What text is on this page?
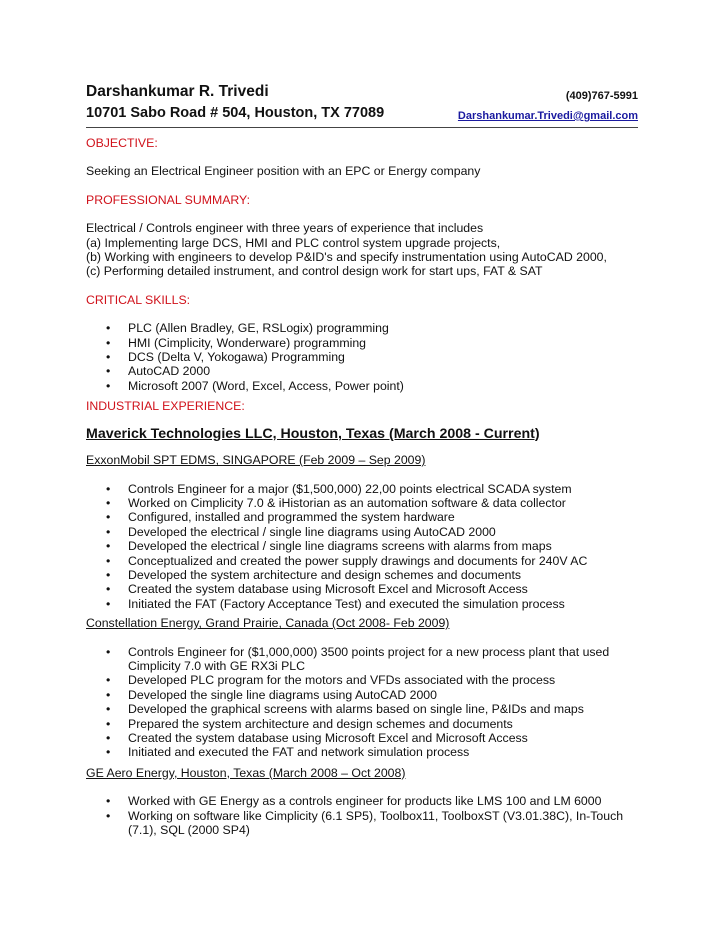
Darshankumar R. Trivedi	(409)767-5991
10701 Sabo Road # 504, Houston, TX 77089	Darshankumar.Trivedi@gmail.com

OBJECTIVE:

Seeking an Electrical Engineer position with an EPC or Energy company

PROFESSIONAL SUMMARY:

Electrical / Controls engineer with three years of experience that includes

(a) Implementing large DCS, HMI and PLC control system upgrade projects,

(b) Working with engineers to develop P&ID's and specify instrumentation using AutoCAD 2000,

(c) Performing detailed instrument, and control design work for start ups, FAT & SAT

CRITICAL SKILLS:

• PLC (Allen Bradley, GE, RSLogix) programming
• HMI (Cimplicity, Wonderware) programming
• DCS (Delta V, Yokogawa) Programming
• AutoCAD 2000
• Microsoft 2007 (Word, Excel, Access, Power point)

INDUSTRIAL EXPERIENCE:

Maverick Technologies LLC, Houston, Texas (March 2008 - Current)

ExxonMobil SPT EDMS, SINGAPORE (Feb 2009 – Sep 2009)

• Controls Engineer for a major ($1,500,000) 22,00 points electrical SCADA system
• Worked on Cimplicity 7.0 & iHistorian as an automation software & data collector
• Configured, installed and programmed the system hardware
• Developed the electrical / single line diagrams using AutoCAD 2000
• Developed the electrical / single line diagrams screens with alarms from maps
• Conceptualized and created the power supply drawings and documents for 240V AC
• Developed the system architecture and design schemes and documents
• Created the system database using Microsoft Excel and Microsoft Access
• Initiated the FAT (Factory Acceptance Test) and executed the simulation process

Constellation Energy, Grand Prairie, Canada (Oct 2008- Feb 2009)

• Controls Engineer for ($1,000,000) 3500 points project for a new process plant that used

Cimplicity 7.0 with GE RX3i PLC

• Developed PLC program for the motors and VFDs associated with the process
• Developed the single line diagrams using AutoCAD 2000
• Developed the graphical screens with alarms based on single line, P&IDs and maps
• Prepared the system architecture and design schemes and documents
• Created the system database using Microsoft Excel and Microsoft Access
• Initiated and executed the FAT and network simulation process

GE Aero Energy, Houston, Texas (March 2008 – Oct 2008)

• Worked with GE Energy as a controls engineer for products like LMS 100 and LM 6000
• Working on software like Cimplicity (6.1 SP5), Toolbox11, ToolboxST (V3.01.38C), In-Touch

(7.1), SQL (2000 SP4)
